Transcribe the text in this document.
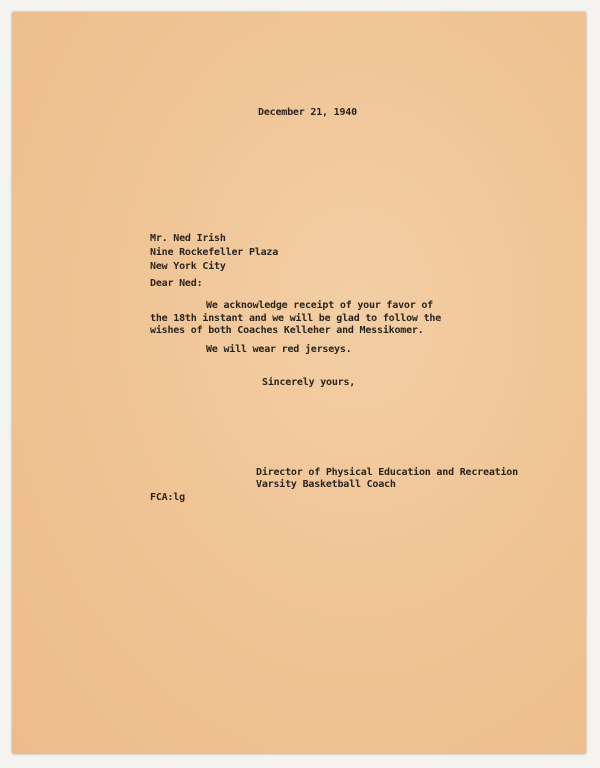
December 21, 1940
Mr. Ned Irish
Nine Rockefeller Plaza
New York City
Dear Ned:
We acknowledge receipt of your favor of
the 18th instant and we will be glad to follow the
wishes of both Coaches Kelleher and Messikomer.
We will wear red jerseys.
Sincerely yours,
Director of Physical Education and Recreation
Varsity Basketball Coach
FCA:lg
